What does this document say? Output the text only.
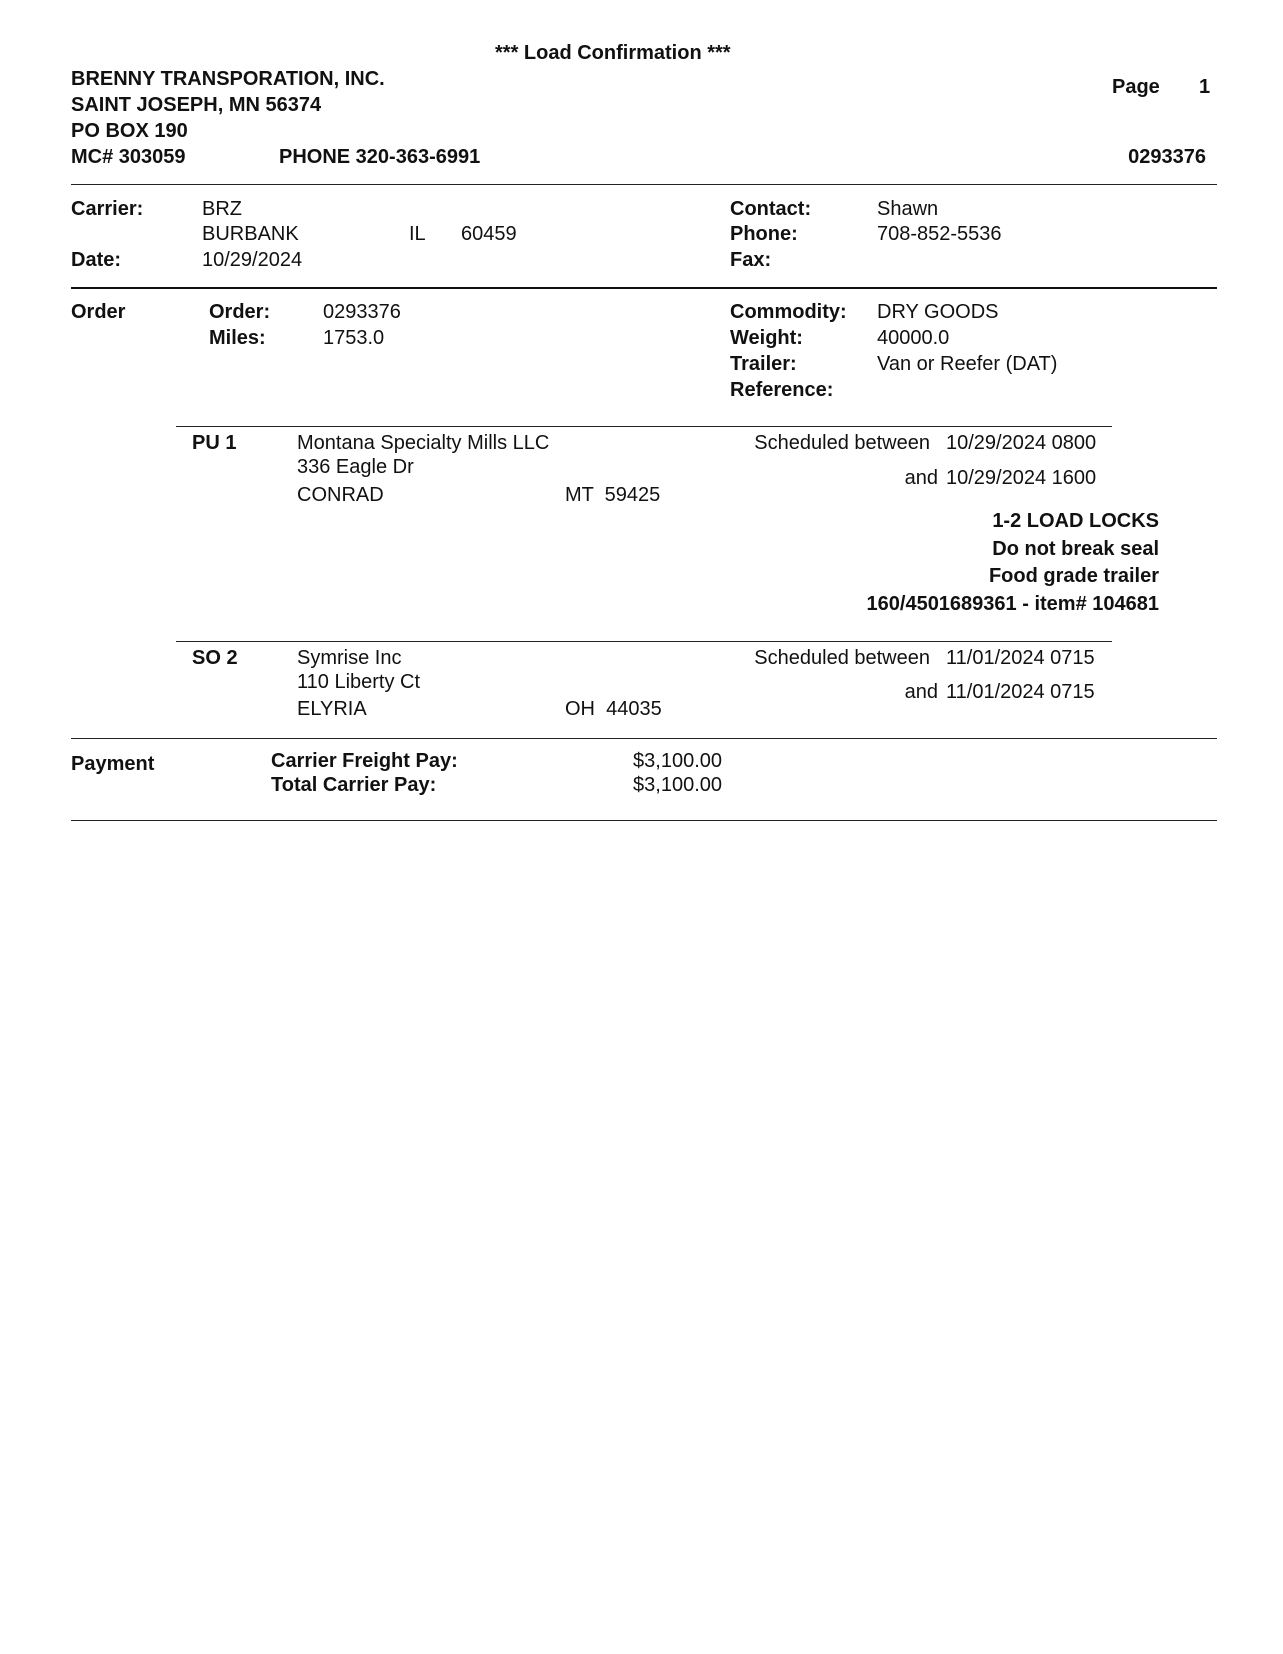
*** Load Confirmation ***
BRENNY TRANSPORATION, INC.
SAINT JOSEPH, MN 56374
PO BOX 190
MC# 303059	PHONE 320-363-6991
Page 1
0293376
Carrier:	BRZ
BURBANK	IL 60459
Date:	10/29/2024
Contact:	Shawn
Phone:	708-852-5536
Fax:
Order	Order:	0293376
Miles:	1753.0
Commodity: DRY GOODS
Weight:	40000.0
Trailer:	Van or Reefer (DAT)
Reference:
PU 1	Montana Specialty Mills LLC
336 Eagle Dr
CONRAD	MT  59425
Scheduled between 10/29/2024 0800
and 10/29/2024 1600
1-2 LOAD LOCKS
Do not break seal
Food grade trailer
160/4501689361 - item# 104681
SO 2	Symrise Inc
110 Liberty Ct
ELYRIA	OH  44035
Scheduled between 11/01/2024 0715
and 11/01/2024 0715
Payment	Carrier Freight Pay:	$3,100.00
Total Carrier Pay:	$3,100.00
